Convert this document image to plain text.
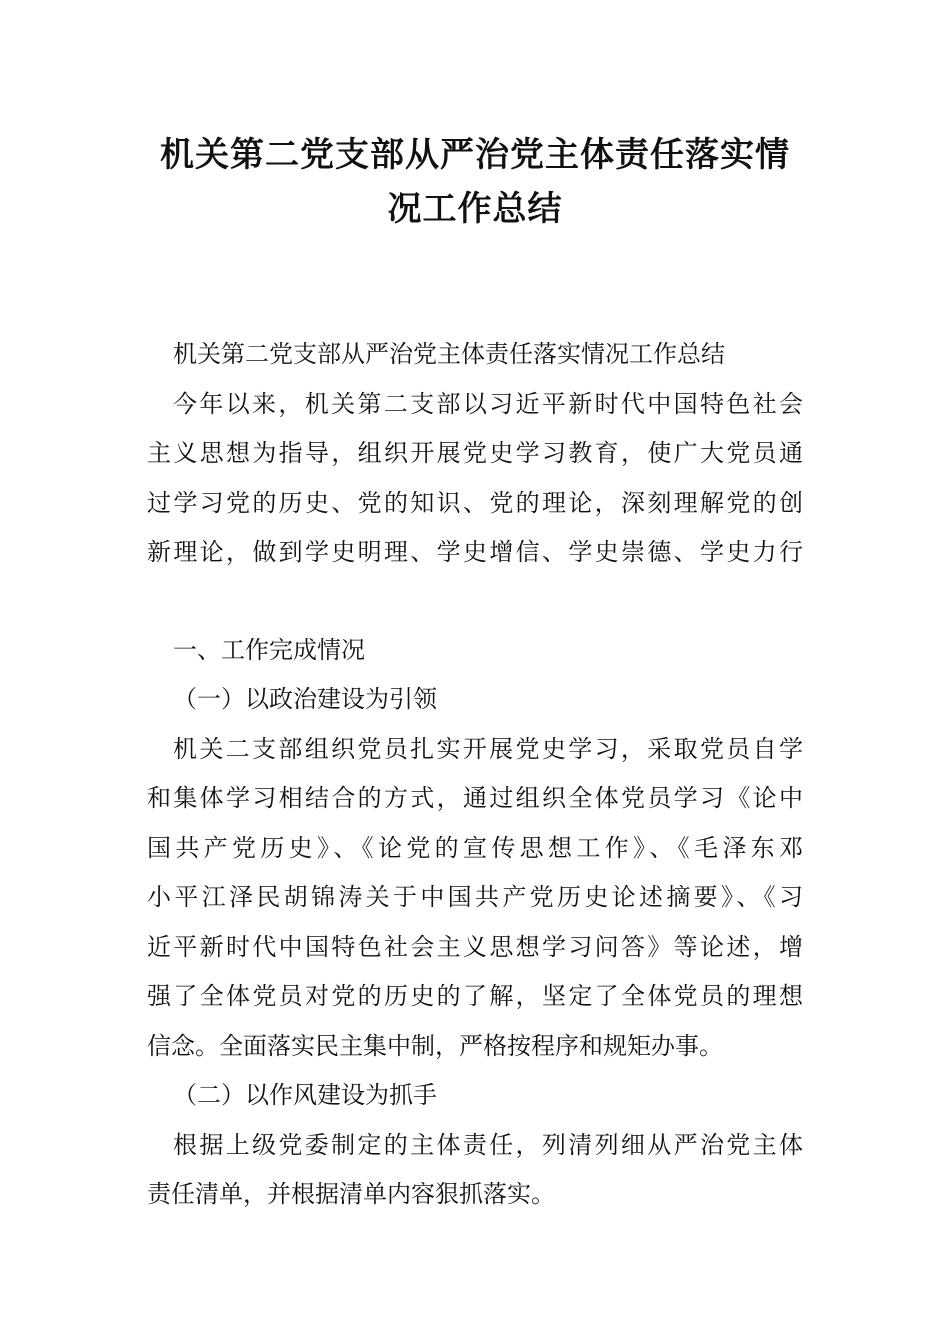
机关第二党支部从严治党主体责任落实情
况工作总结
机关第二党支部从严治党主体责任落实情况工作总结
今年以来，机关第二支部以习近平新时代中国特色社会
主义思想为指导，组织开展党史学习教育，使广大党员通
过学习党的历史、党的知识、党的理论，深刻理解党的创
新理论，做到学史明理、学史增信、学史崇德、学史力行
一、工作完成情况
（一）以政治建设为引领
机关二支部组织党员扎实开展党史学习，采取党员自学
和集体学习相结合的方式，通过组织全体党员学习《论中
国共产党历史》、《论党的宣传思想工作》、《毛泽东邓
小平江泽民胡锦涛关于中国共产党历史论述摘要》、《习
近平新时代中国特色社会主义思想学习问答》等论述，增
强了全体党员对党的历史的了解，坚定了全体党员的理想
信念。全面落实民主集中制，严格按程序和规矩办事。
（二）以作风建设为抓手
根据上级党委制定的主体责任，列清列细从严治党主体
责任清单，并根据清单内容狠抓落实。
